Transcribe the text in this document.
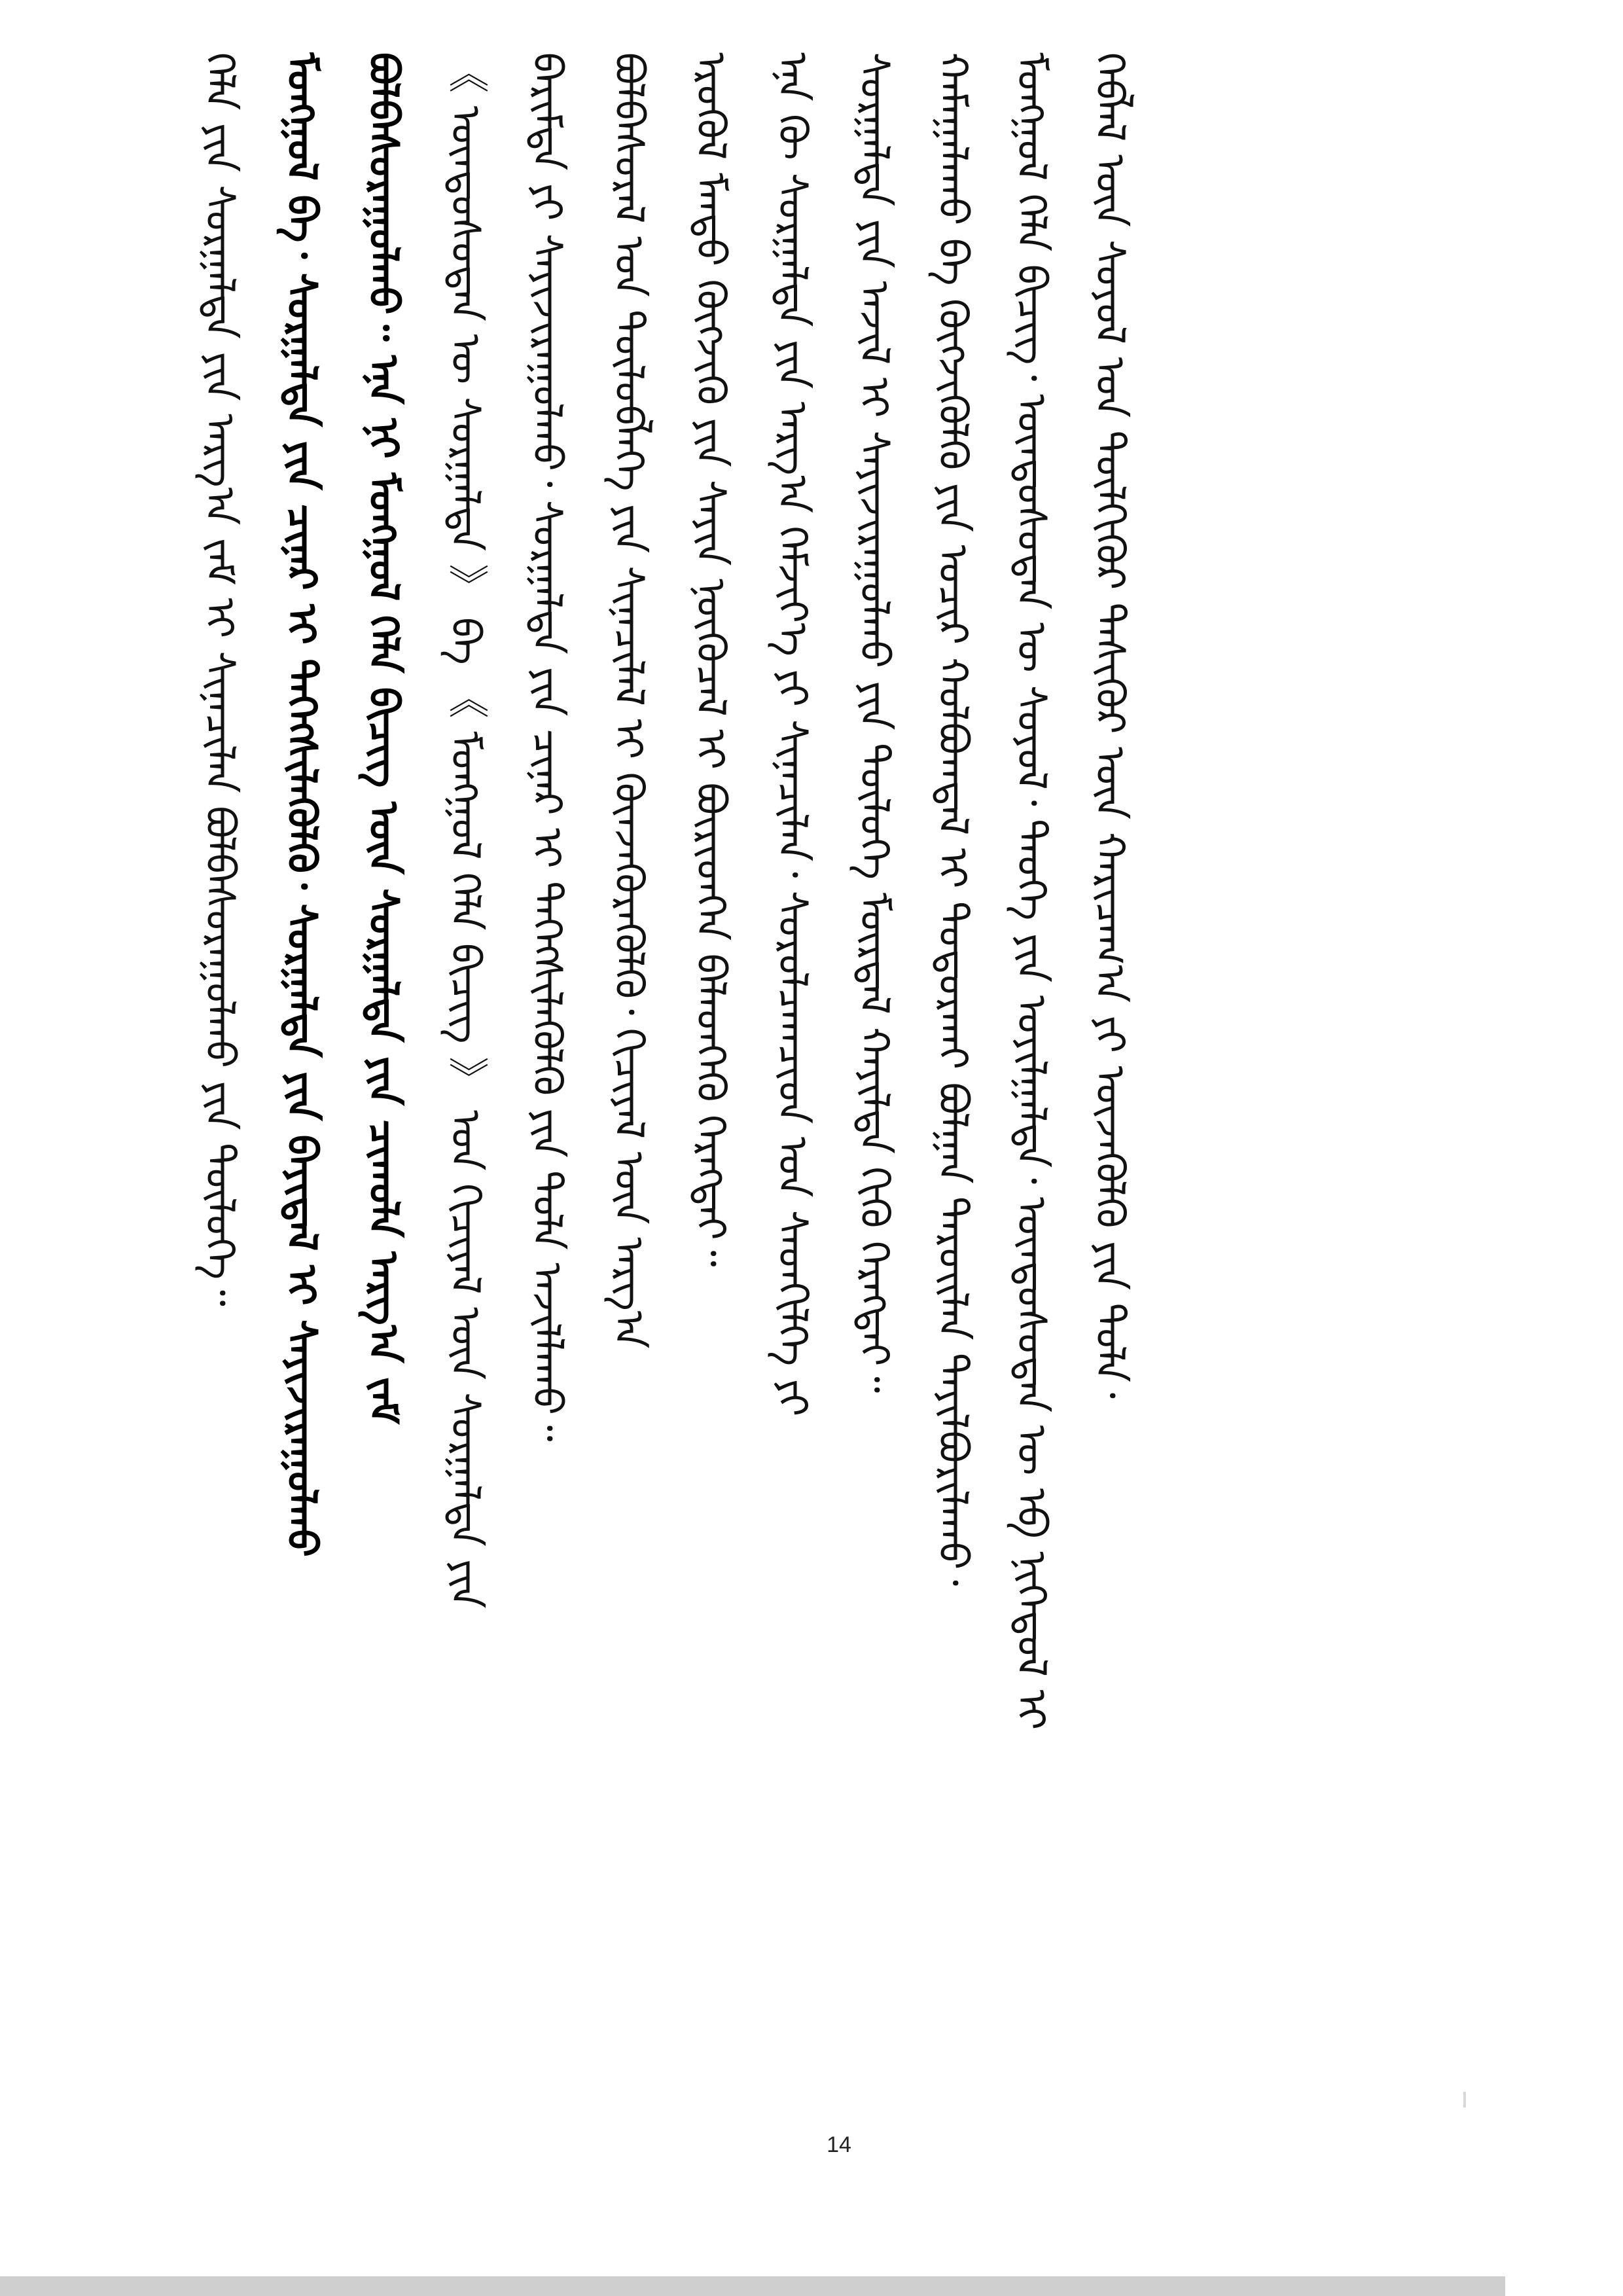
ᠬᠡᠪᠯᠡᠯ ᠦᠨ ᠰᠣᠶᠣᠯ ᠤᠨ ᠲᠦᠯᠬᠢᠭᠦᠷ ᠲᠡᠰᠢᠭᠦᠷ ᠦᠨ ᠬᠠᠷᠢᠴᠠᠭ᠎ᠠ ᠶᠢ ᠦᠵᠡᠭᠦᠯᠬᠦ ᠶᠢᠨ ᠲᠤᠯᠠ᠂
ᠮᠣᠩᠭᠣᠯ ᠬᠡᠯᠡ ᠪᠢᠴᠢᠭ᠂ ᠦᠨᠳᠦᠰᠦᠲᠡᠨ ᠦ ᠰᠣᠶᠣᠯ᠂ ᠲᠡᠦᠬᠡ ᠶᠢᠨ ᠣᠶᠢᠯᠭᠠᠯᠲᠠ᠂ ᠦᠨᠳᠦᠰᠦᠲᠡᠨ ᠦ ᠡᠪ ᠨᠢᠭᠡᠳᠦᠯ ᠢ
ᠬᠠᠮᠠᠭᠠᠯᠠᠬᠤ ᠪᠠ ᠬᠥᠭᠵᠢᠭᠦᠯᠬᠦ ᠶᠢᠨ ᠤᠴᠢᠷ ᠬᠣᠯᠪᠣᠭᠳᠠᠯ ᠢ ᠲᠣᠳᠣᠷᠬᠠᠢ ᠪᠣᠯᠭᠠᠨ ᠳᠠᠷᠤᠢᠯᠠᠨ ᠲᠠᠶᠢᠯᠪᠤᠷᠢᠯᠠᠬᠤ᠂
ᠰᠤᠷᠭᠠᠯᠲᠠ ᠶᠢᠨ ᠠᠵᠢᠯ ᠢ ᠰᠠᠶᠢᠵᠢᠷᠠᠭᠤᠯᠬᠤ ᠶᠢᠨ ᠲᠥᠯᠥᠭᠡ ᠮᠥᠷᠳᠡᠯ ᠬᠠᠶᠢᠯᠲᠠ ᠬᠢᠬᠦ ᠬᠡᠷᠡᠭᠲᠡᠢ᠃
ᠡᠨᠡ ᠬᠦ ᠰᠤᠷᠭᠠᠯᠲᠠ ᠶᠢᠨ ᠠᠷᠭ᠎ᠠ ᠬᠡᠮᠵᠢᠶ᠎ᠡ ᠶᠢ ᠰᠢᠨᠡᠴᠢᠯᠡᠨ᠂ ᠰᠤᠷᠤᠯᠴᠠᠭᠴᠢᠳ ᠤᠨ ᠰᠡᠳᠬᠢᠯᠭᠡ ᠶᠢ
ᠡᠷᠦᠭᠦᠯ ᠮᠡᠨᠳᠦ ᠬᠥᠭᠵᠢᠬᠦ ᠶᠢᠨ ᠰᠠᠶᠢᠨ ᠨᠥᠬᠥᠴᠡᠯ ᠢ ᠪᠦᠷᠢᠳᠬᠡᠨ ᠪᠡᠯᠡᠳᠭᠡᠬᠦ ᠬᠡᠷᠡᠭᠲᠡᠢ᠃
ᠪᠣᠯᠪᠠᠰᠤᠷᠠᠯ ᠤᠨ ᠲᠥᠯᠥᠪᠯᠡᠭᠡ ᠶᠢᠨ ᠰᠢᠨᠡᠴᠢᠯᠡᠯ ᠢ ᠭᠦᠨᠵᠡᠭᠦᠷᠡᠭᠦᠯᠬᠦ᠂ ᠬᠢᠴᠢᠶᠡᠯ ᠦᠨ ᠠᠷᠭ᠎ᠠ
ᠪᠠᠷᠢᠮᠲᠠ ᠶᠢ ᠰᠠᠶᠢᠵᠢᠷᠠᠭᠤᠯᠬᠤ᠂ ᠰᠤᠷᠭᠠᠯᠲᠠ ᠶᠢᠨ ᠴᠢᠨᠠᠷ ᠢ ᠳᠡᠭᠡᠭᠰᠢᠯᠡᠭᠦᠯᠬᠦ ᠶᠢᠨ ᠲᠤᠯᠠ ᠠᠵᠢᠯᠯᠠᠬᠤ᠃
《 ᠦᠨᠳᠦᠰᠦᠲᠡᠨ ᠦ ᠰᠤᠷᠭᠠᠯᠲᠠ 》 ᠪᠠ 《 ᠮᠣᠩᠭᠣᠯ ᠬᠡᠯᠡ ᠪᠢᠴᠢᠭ 》 ᠤᠨ ᠬᠢᠴᠢᠶᠡᠯ ᠦᠨ ᠰᠤᠷᠭᠠᠯᠲᠠ ᠶᠢᠨ
ᠪᠣᠯᠪᠠᠰᠤᠷᠠᠭᠤᠯᠬᠤ᠃ ᠡᠨᠡ ᠨᠢ ᠮᠣᠩᠭᠣᠯ ᠬᠡᠯᠡ ᠪᠢᠴᠢᠭ ᠦᠨ ᠰᠤᠷᠭᠠᠯᠲᠠ ᠶᠢᠨ ᠴᠢᠬᠤᠯᠠ ᠠᠷᠭ᠎ᠠ ᠵᠠᠮ
ᠮᠣᠩᠭᠣᠯ ᠪᠠ᠂ ᠰᠤᠷᠭᠠᠯᠲᠠ ᠶᠢᠨ ᠴᠢᠨᠠᠷ ᠢ ᠳᠡᠭᠡᠭᠰᠢᠯᠡᠭᠦᠯᠬᠦ᠂ ᠰᠤᠷᠭᠠᠯᠲᠠ ᠶᠢᠨ ᠪᠠᠶᠢᠳᠠᠯ ᠢ ᠰᠠᠶᠢᠵᠢᠷᠠᠭᠤᠯᠬᠤ
ᠬᠡᠯᠡ ᠶᠢᠨ ᠰᠤᠷᠭᠠᠯᠲᠠ ᠶᠢᠨ ᠠᠷᠭ᠎ᠠ ᠵᠠᠮ ᠢ ᠰᠢᠨᠡᠴᠢᠯᠡᠨ ᠪᠣᠯᠪᠠᠰᠤᠷᠠᠭᠤᠯᠬᠤ ᠶᠢᠨ ᠲᠥᠯᠥᠭᠡ᠃
14
